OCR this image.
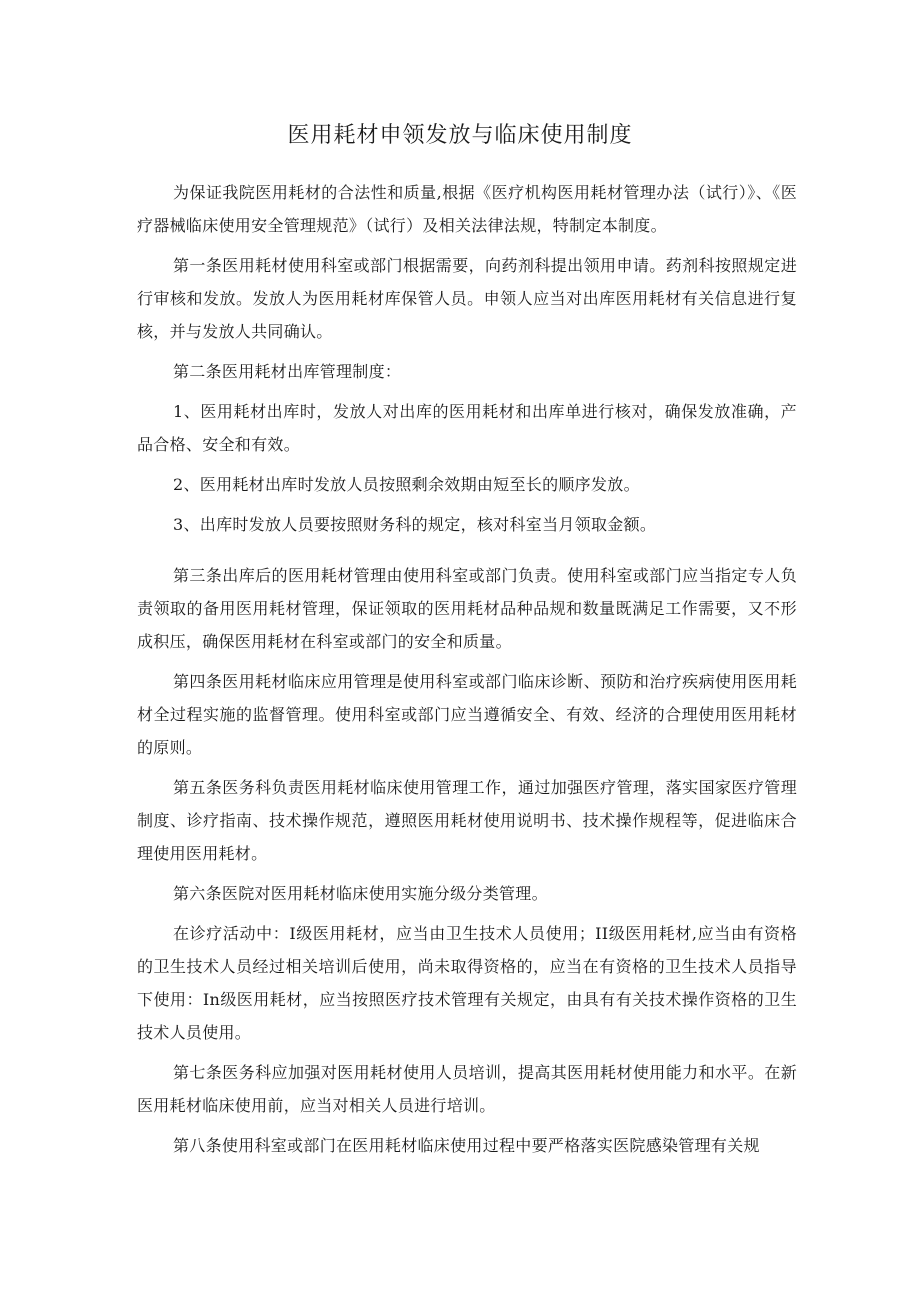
医用耗材申领发放与临床使用制度

为保证我院医用耗材的合法性和质量,根据《医疗机构医用耗材管理办法（试行）》、《医疗器械临床使用安全管理规范》（试行）及相关法律法规，特制定本制度。

第一条医用耗材使用科室或部门根据需要，向药剂科提出领用申请。药剂科按照规定进行审核和发放。发放人为医用耗材库保管人员。申领人应当对出库医用耗材有关信息进行复核，并与发放人共同确认。

第二条医用耗材出库管理制度：

1、医用耗材出库时，发放人对出库的医用耗材和出库单进行核对，确保发放准确，产品合格、安全和有效。

2、医用耗材出库时发放人员按照剩余效期由短至长的顺序发放。

3、出库时发放人员要按照财务科的规定，核对科室当月领取金额。

第三条出库后的医用耗材管理由使用科室或部门负责。使用科室或部门应当指定专人负责领取的备用医用耗材管理，保证领取的医用耗材品种品规和数量既满足工作需要，又不形成积压，确保医用耗材在科室或部门的安全和质量。

第四条医用耗材临床应用管理是使用科室或部门临床诊断、预防和治疗疾病使用医用耗材全过程实施的监督管理。使用科室或部门应当遵循安全、有效、经济的合理使用医用耗材的原则。

第五条医务科负责医用耗材临床使用管理工作，通过加强医疗管理，落实国家医疗管理制度、诊疗指南、技术操作规范，遵照医用耗材使用说明书、技术操作规程等，促进临床合理使用医用耗材。

第六条医院对医用耗材临床使用实施分级分类管理。

在诊疗活动中：I级医用耗材，应当由卫生技术人员使用；II级医用耗材,应当由有资格的卫生技术人员经过相关培训后使用，尚未取得资格的，应当在有资格的卫生技术人员指导下使用：In级医用耗材，应当按照医疗技术管理有关规定，由具有有关技术操作资格的卫生技术人员使用。

第七条医务科应加强对医用耗材使用人员培训，提高其医用耗材使用能力和水平。在新医用耗材临床使用前，应当对相关人员进行培训。

第八条使用科室或部门在医用耗材临床使用过程中要严格落实医院感染管理有关规
